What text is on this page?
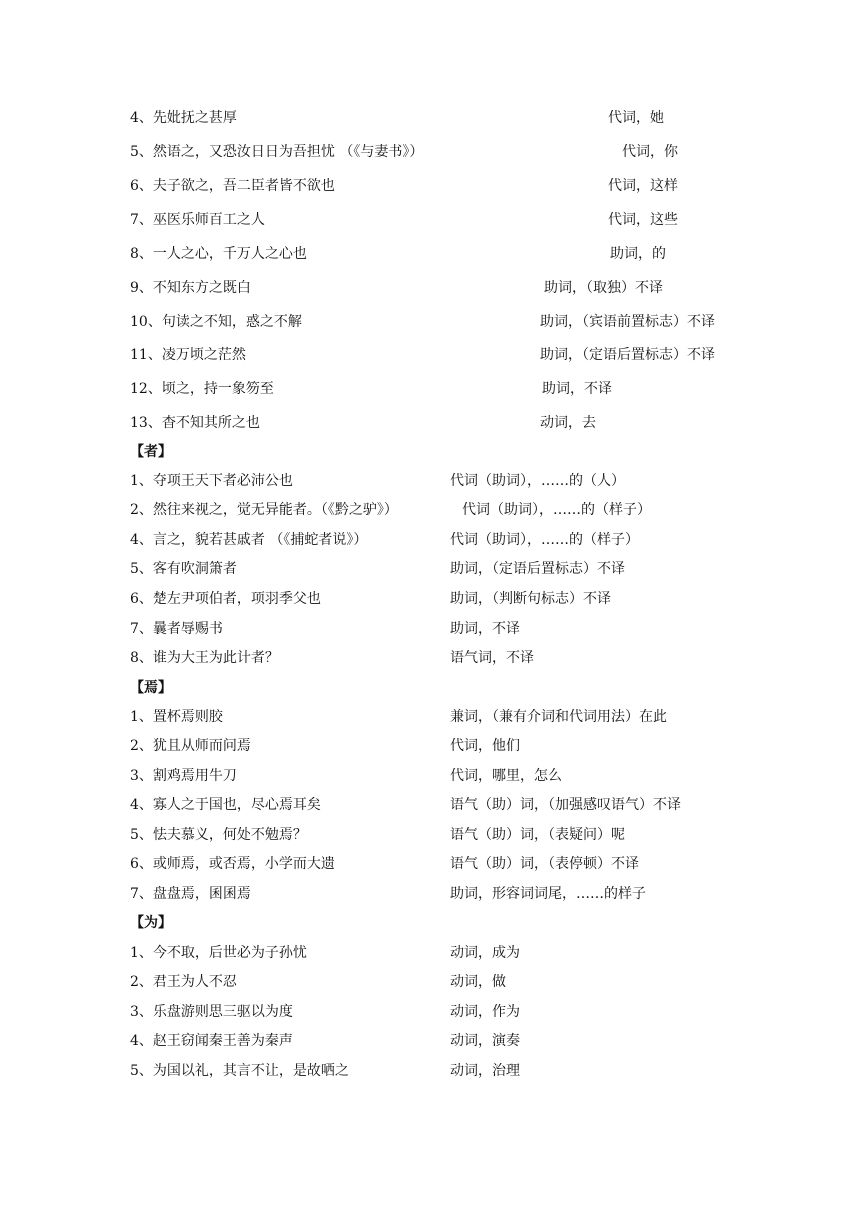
4、先妣抚之甚厚	代词，她
5、然语之，又恐汝日日为吾担忧 （《与妻书》）	代词，你
6、夫子欲之，吾二臣者皆不欲也	代词，这样
7、巫医乐师百工之人	代词，这些
8、一人之心，千万人之心也	助词，的
9、不知东方之既白	助词，（取独）不译
10、句读之不知，惑之不解	助词，（宾语前置标志）不译
11、凌万顷之茫然	助词，（定语后置标志）不译
12、顷之，持一象笏至	助词，不译
13、杳不知其所之也	动词，去
【者】
1、夺项王天下者必沛公也	代词（助词），……的（人）
2、然往来视之，觉无异能者。（《黔之驴》）	代词（助词），……的（样子）
4、言之，貌若甚戚者 （《捕蛇者说》）	代词（助词），……的（样子）
5、客有吹洞箫者	助词，（定语后置标志）不译
6、楚左尹项伯者，项羽季父也	助词，（判断句标志）不译
7、曩者辱赐书	助词，不译
8、谁为大王为此计者？	语气词，不译
【焉】
1、置杯焉则胶	兼词，（兼有介词和代词用法）在此
2、犹且从师而问焉	代词，他们
3、割鸡焉用牛刀	代词，哪里，怎么
4、寡人之于国也，尽心焉耳矣	语气（助）词，（加强感叹语气）不译
5、怯夫慕义，何处不勉焉？	语气（助）词，（表疑问）呢
6、或师焉，或否焉，小学而大遗	语气（助）词，（表停顿）不译
7、盘盘焉，囷囷焉	助词，形容词词尾，……的样子
【为】
1、今不取，后世必为子孙忧	动词，成为
2、君王为人不忍	动词，做
3、乐盘游则思三驱以为度	动词，作为
4、赵王窃闻秦王善为秦声	动词，演奏
5、为国以礼，其言不让，是故哂之	动词，治理
